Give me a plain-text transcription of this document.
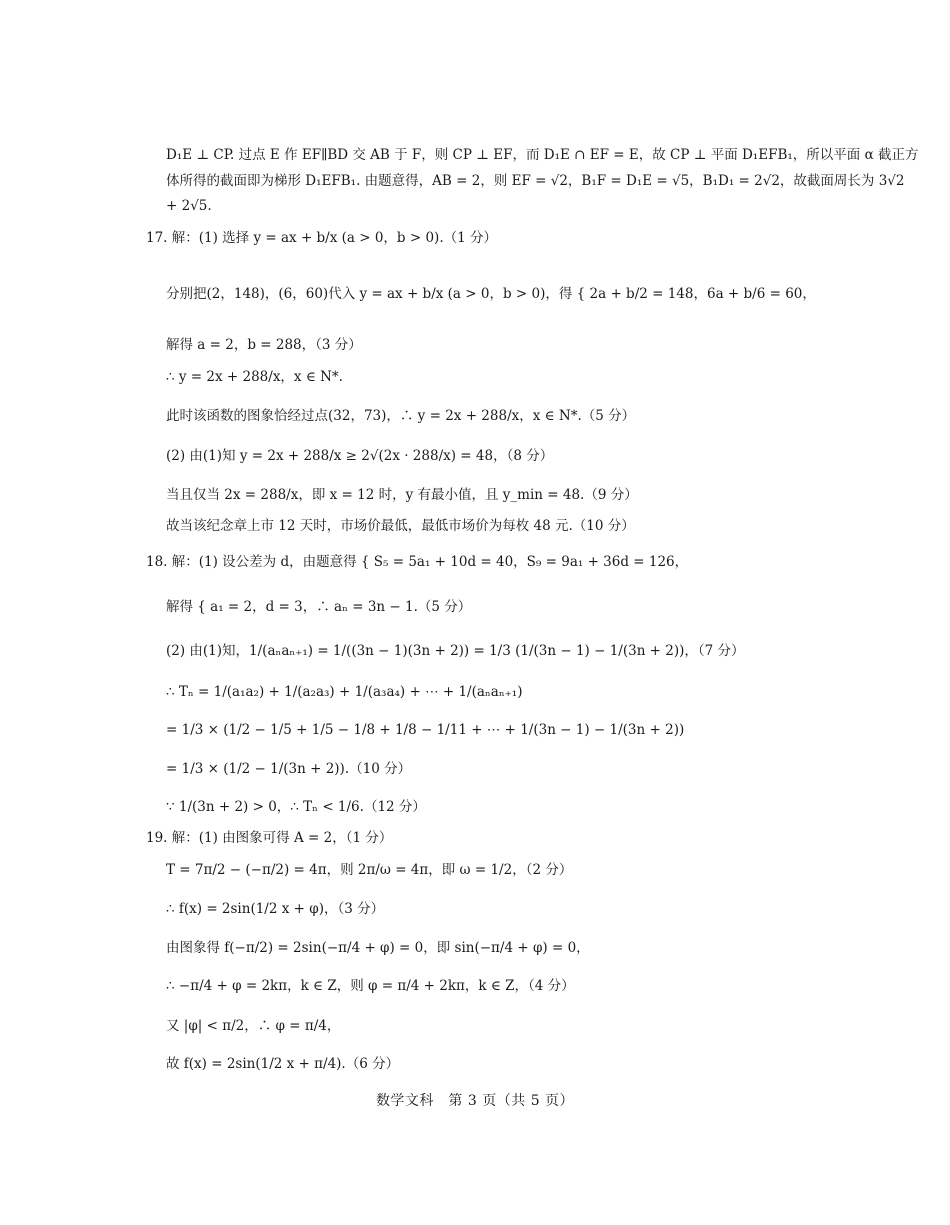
D₁E ⊥ CP. 过点 E 作 EF∥BD 交 AB 于 F，则 CP ⊥ EF，而 D₁E ∩ EF = E，故 CP ⊥ 平面 D₁EFB₁，所以平面 α 截正方
体所得的截面即为梯形 D₁EFB₁. 由题意得，AB = 2，则 EF = √2，B₁F = D₁E = √5，B₁D₁ = 2√2，故截面周长为 3√2
+ 2√5.
17. 解：(1) 选择 y = ax + b/x (a > 0，b > 0).（1 分）
分别把(2，148)，(6，60)代入 y = ax + b/x (a > 0，b > 0)，得 { 2a + b/2 = 148，6a + b/6 = 60，
解得 a = 2，b = 288，（3 分）
∴ y = 2x + 288/x，x ∈ N*.
此时该函数的图象恰经过点(32，73)，∴ y = 2x + 288/x，x ∈ N*.（5 分）
(2) 由(1)知 y = 2x + 288/x ≥ 2√(2x · 288/x) = 48，（8 分）
当且仅当 2x = 288/x，即 x = 12 时，y 有最小值，且 y_min = 48.（9 分）
故当该纪念章上市 12 天时，市场价最低，最低市场价为每枚 48 元.（10 分）
18. 解：(1) 设公差为 d，由题意得 { S₅ = 5a₁ + 10d = 40，S₉ = 9a₁ + 36d = 126，
解得 { a₁ = 2，d = 3，∴ aₙ = 3n − 1.（5 分）
(2) 由(1)知，1/(aₙaₙ₊₁) = 1/((3n − 1)(3n + 2)) = 1/3 (1/(3n − 1) − 1/(3n + 2))，（7 分）
∴ Tₙ = 1/(a₁a₂) + 1/(a₂a₃) + 1/(a₃a₄) + ⋯ + 1/(aₙaₙ₊₁)
= 1/3 × (1/2 − 1/5 + 1/5 − 1/8 + 1/8 − 1/11 + ⋯ + 1/(3n − 1) − 1/(3n + 2))
= 1/3 × (1/2 − 1/(3n + 2)).（10 分）
∵ 1/(3n + 2) > 0，∴ Tₙ < 1/6.（12 分）
19. 解：(1) 由图象可得 A = 2，（1 分）
T = 7π/2 − (−π/2) = 4π，则 2π/ω = 4π，即 ω = 1/2，（2 分）
∴ f(x) = 2sin(1/2 x + φ)，（3 分）
由图象得 f(−π/2) = 2sin(−π/4 + φ) = 0，即 sin(−π/4 + φ) = 0，
∴ −π/4 + φ = 2kπ，k ∈ Z，则 φ = π/4 + 2kπ，k ∈ Z，（4 分）
又 |φ| < π/2，∴ φ = π/4，
故 f(x) = 2sin(1/2 x + π/4).（6 分）
数学文科　第 3 页（共 5 页）
